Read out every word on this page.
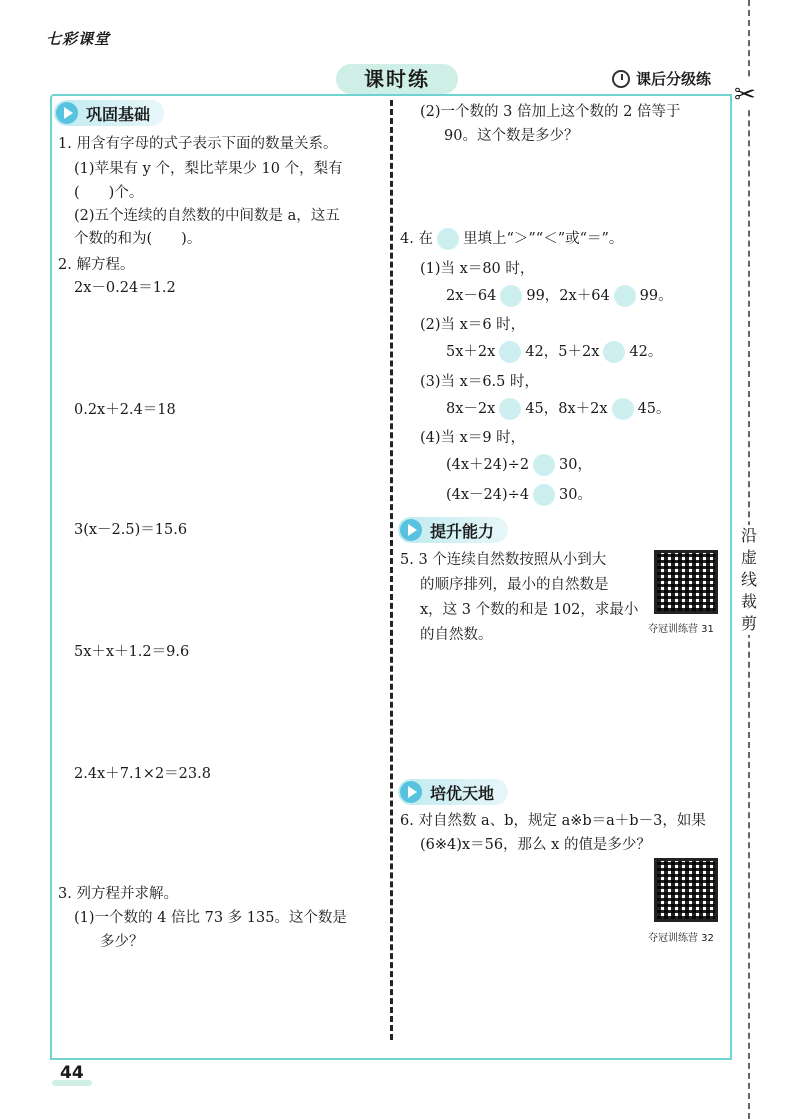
七彩课堂
课时练	课后分级练
✂
沿
虚
线
裁
剪
巩固基础
1. 用含有字母的式子表示下面的数量关系。
(1)苹果有 y 个，梨比苹果少 10 个，梨有
(　　)个。
(2)五个连续的自然数的中间数是 a，这五
个数的和为(　　)。
2. 解方程。
2x－0.24＝1.2
0.2x＋2.4＝18
3(x－2.5)＝15.6
5x＋x＋1.2＝9.6
2.4x＋7.1×2＝23.8
3. 列方程并求解。
(1)一个数的 4 倍比 73 多 135。这个数是
多少？
(2)一个数的 3 倍加上这个数的 2 倍等于
90。这个数是多少？
4. 在 里填上“＞”“＜”或“＝”。
(1)当 x＝80 时，
2x－64 99，2x＋64 99。
(2)当 x＝6 时，
5x＋2x 42，5＋2x 42。
(3)当 x＝6.5 时，
8x－2x 45，8x＋2x 45。
(4)当 x＝9 时，
(4x＋24)÷2 30，
(4x－24)÷4 30。
提升能力
5. 3 个连续自然数按照从小到大
的顺序排列，最小的自然数是
x，这 3 个数的和是 102，求最小
的自然数。	夺冠训练营 31
培优天地
6. 对自然数 a、b，规定 a※b＝a＋b－3，如果
(6※4)x＝56，那么 x 的值是多少？
夺冠训练营 32
44
